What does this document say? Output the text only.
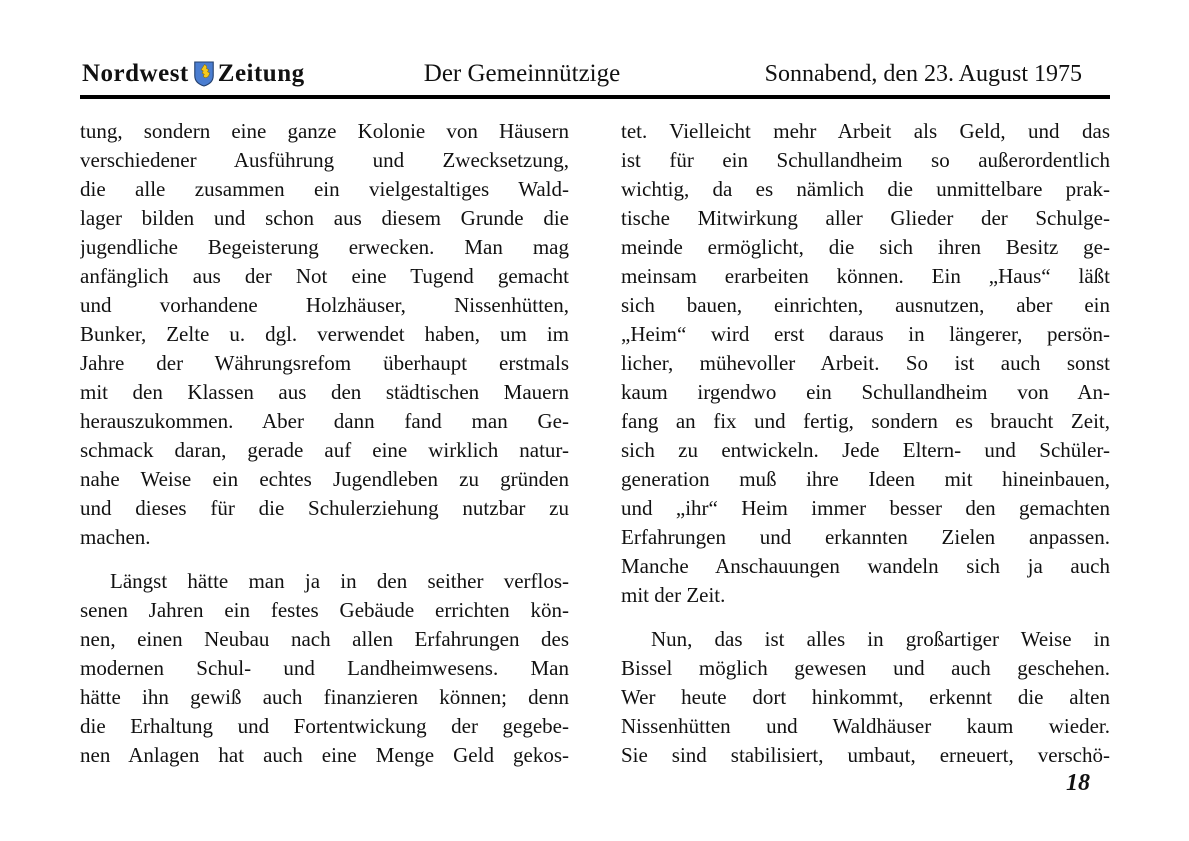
Nordwest Zeitung	Der Gemeinnützige	Sonnabend, den 23. August 1975
tung, sondern eine ganze Kolonie von Häusern
verschiedener Ausführung und Zwecksetzung,
die alle zusammen ein vielgestaltiges Wald-
lager bilden und schon aus diesem Grunde die
jugendliche Begeisterung erwecken. Man mag
anfänglich aus der Not eine Tugend gemacht
und vorhandene Holzhäuser, Nissenhütten,
Bunker, Zelte u. dgl. verwendet haben, um im
Jahre der Währungsrefom überhaupt erstmals
mit den Klassen aus den städtischen Mauern
herauszukommen. Aber dann fand man Ge-
schmack daran, gerade auf eine wirklich natur-
nahe Weise ein echtes Jugendleben zu gründen
und dieses für die Schulerziehung nutzbar zu
machen.
Längst hätte man ja in den seither verflos-
senen Jahren ein festes Gebäude errichten kön-
nen, einen Neubau nach allen Erfahrungen des
modernen Schul- und Landheimwesens. Man
hätte ihn gewiß auch finanzieren können; denn
die Erhaltung und Fortentwickung der gegebe-
nen Anlagen hat auch eine Menge Geld gekos-
tet. Vielleicht mehr Arbeit als Geld, und das
ist für ein Schullandheim so außerordentlich
wichtig, da es nämlich die unmittelbare prak-
tische Mitwirkung aller Glieder der Schulge-
meinde ermöglicht, die sich ihren Besitz ge-
meinsam erarbeiten können. Ein „Haus“ läßt
sich bauen, einrichten, ausnutzen, aber ein
„Heim“ wird erst daraus in längerer, persön-
licher, mühevoller Arbeit. So ist auch sonst
kaum irgendwo ein Schullandheim von An-
fang an fix und fertig, sondern es braucht Zeit,
sich zu entwickeln. Jede Eltern- und Schüler-
generation muß ihre Ideen mit hineinbauen,
und „ihr“ Heim immer besser den gemachten
Erfahrungen und erkannten Zielen anpassen.
Manche Anschauungen wandeln sich ja auch
mit der Zeit.
Nun, das ist alles in großartiger Weise in
Bissel möglich gewesen und auch geschehen.
Wer heute dort hinkommt, erkennt die alten
Nissenhütten und Waldhäuser kaum wieder.
Sie sind stabilisiert, umbaut, erneuert, verschö-
18
